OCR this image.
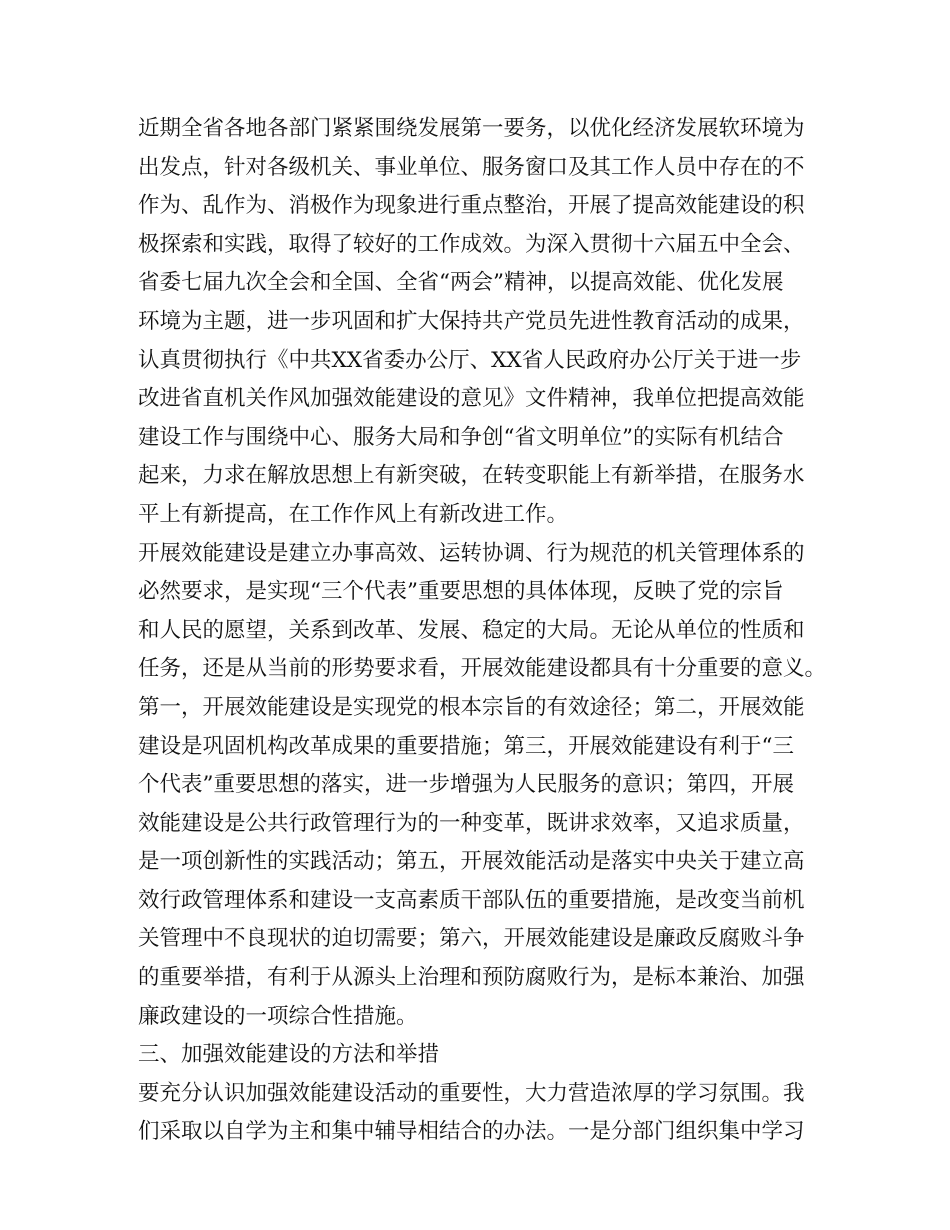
近期全省各地各部门紧紧围绕发展第一要务，以优化经济发展软环境为
出发点，针对各级机关、事业单位、服务窗口及其工作人员中存在的不
作为、乱作为、消极作为现象进行重点整治，开展了提高效能建设的积
极探索和实践，取得了较好的工作成效。为深入贯彻十六届五中全会、
省委七届九次全会和全国、全省“两会”精神，以提高效能、优化发展
环境为主题，进一步巩固和扩大保持共产党员先进性教育活动的成果，
认真贯彻执行《中共XX省委办公厅、XX省人民政府办公厅关于进一步
改进省直机关作风加强效能建设的意见》文件精神，我单位把提高效能
建设工作与围绕中心、服务大局和争创“省文明单位”的实际有机结合
起来，力求在解放思想上有新突破，在转变职能上有新举措，在服务水
平上有新提高，在工作作风上有新改进工作。
开展效能建设是建立办事高效、运转协调、行为规范的机关管理体系的
必然要求，是实现“三个代表”重要思想的具体体现，反映了党的宗旨
和人民的愿望，关系到改革、发展、稳定的大局。无论从单位的性质和
任务，还是从当前的形势要求看，开展效能建设都具有十分重要的意义。
第一，开展效能建设是实现党的根本宗旨的有效途径；第二，开展效能
建设是巩固机构改革成果的重要措施；第三，开展效能建设有利于“三
个代表”重要思想的落实，进一步增强为人民服务的意识；第四，开展
效能建设是公共行政管理行为的一种变革，既讲求效率，又追求质量，
是一项创新性的实践活动；第五，开展效能活动是落实中央关于建立高
效行政管理体系和建设一支高素质干部队伍的重要措施，是改变当前机
关管理中不良现状的迫切需要；第六，开展效能建设是廉政反腐败斗争
的重要举措，有利于从源头上治理和预防腐败行为，是标本兼治、加强
廉政建设的一项综合性措施。
三、加强效能建设的方法和举措
要充分认识加强效能建设活动的重要性，大力营造浓厚的学习氛围。我
们采取以自学为主和集中辅导相结合的办法。一是分部门组织集中学习
